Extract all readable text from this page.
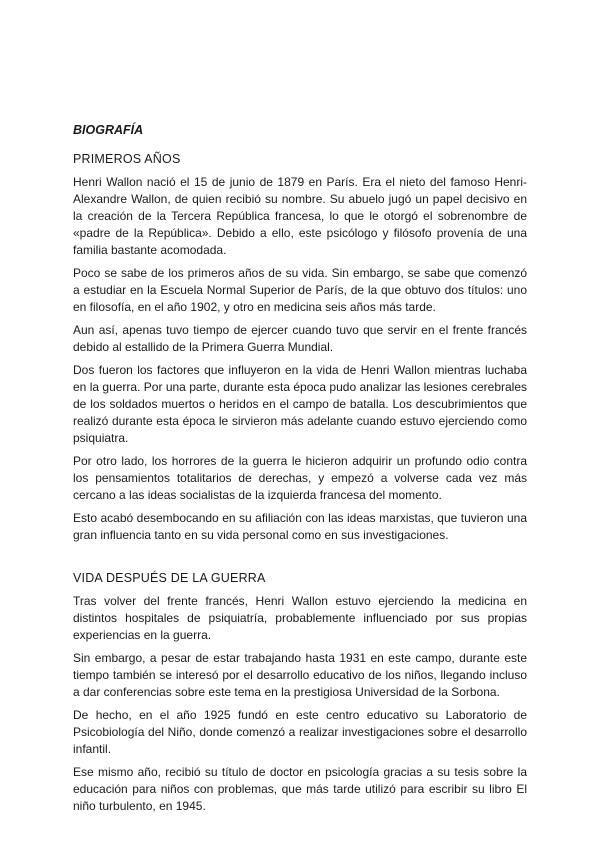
BIOGRAFÍA
PRIMEROS AÑOS

Henri Wallon nació el 15 de junio de 1879 en París. Era el nieto del famoso Henri-Alexandre Wallon, de quien recibió su nombre. Su abuelo jugó un papel decisivo en la creación de la Tercera República francesa, lo que le otorgó el sobrenombre de «padre de la República». Debido a ello, este psicólogo y filósofo provenía de una familia bastante acomodada.

Poco se sabe de los primeros años de su vida. Sin embargo, se sabe que comenzó a estudiar en la Escuela Normal Superior de París, de la que obtuvo dos títulos: uno en filosofía, en el año 1902, y otro en medicina seis años más tarde.

Aun así, apenas tuvo tiempo de ejercer cuando tuvo que servir en el frente francés debido al estallido de la Primera Guerra Mundial.

Dos fueron los factores que influyeron en la vida de Henri Wallon mientras luchaba en la guerra. Por una parte, durante esta época pudo analizar las lesiones cerebrales de los soldados muertos o heridos en el campo de batalla. Los descubrimientos que realizó durante esta época le sirvieron más adelante cuando estuvo ejerciendo como psiquiatra.

Por otro lado, los horrores de la guerra le hicieron adquirir un profundo odio contra los pensamientos totalitarios de derechas, y empezó a volverse cada vez más cercano a las ideas socialistas de la izquierda francesa del momento.

Esto acabó desembocando en su afiliación con las ideas marxistas, que tuvieron una gran influencia tanto en su vida personal como en sus investigaciones.

VIDA DESPUÉS DE LA GUERRA

Tras volver del frente francés, Henri Wallon estuvo ejerciendo la medicina en distintos hospitales de psiquiatría, probablemente influenciado por sus propias experiencias en la guerra.

Sin embargo, a pesar de estar trabajando hasta 1931 en este campo, durante este tiempo también se interesó por el desarrollo educativo de los niños, llegando incluso a dar conferencias sobre este tema en la prestigiosa Universidad de la Sorbona.

De hecho, en el año 1925 fundó en este centro educativo su Laboratorio de Psicobiología del Niño, donde comenzó a realizar investigaciones sobre el desarrollo infantil.

Ese mismo año, recibió su título de doctor en psicología gracias a su tesis sobre la educación para niños con problemas, que más tarde utilizó para escribir su libro El niño turbulento, en 1945.
